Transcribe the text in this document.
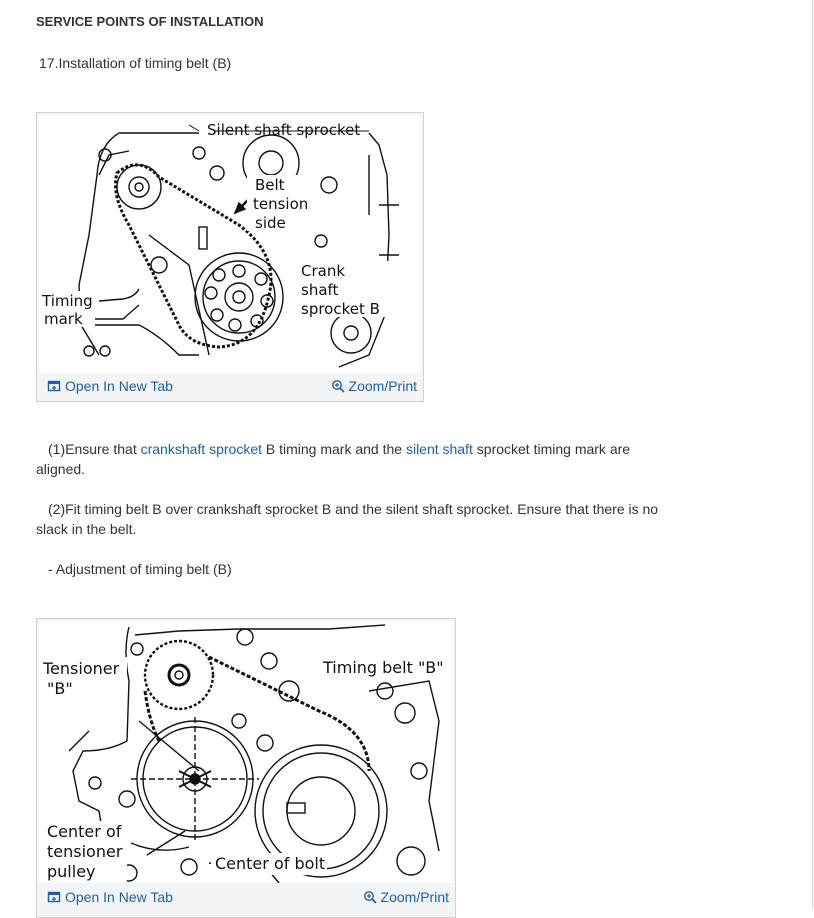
SERVICE POINTS OF INSTALLATION
17.Installation of timing belt (B)
Silent shaft sprocket
Belt
tension
side
Crank
shaft
sprocket B
Timing
mark
Open In New Tab	Zoom/Print
(1)Ensure that crankshaft sprocket B timing mark and the silent shaft sprocket timing mark are aligned.
(2)Fit timing belt B over crankshaft sprocket B and the silent shaft sprocket. Ensure that there is no slack in the belt.
- Adjustment of timing belt (B)
Tensioner
"B"
Timing belt "B"
Center of
tensioner
pulley	Center of bolt
Open In New Tab	Zoom/Print
